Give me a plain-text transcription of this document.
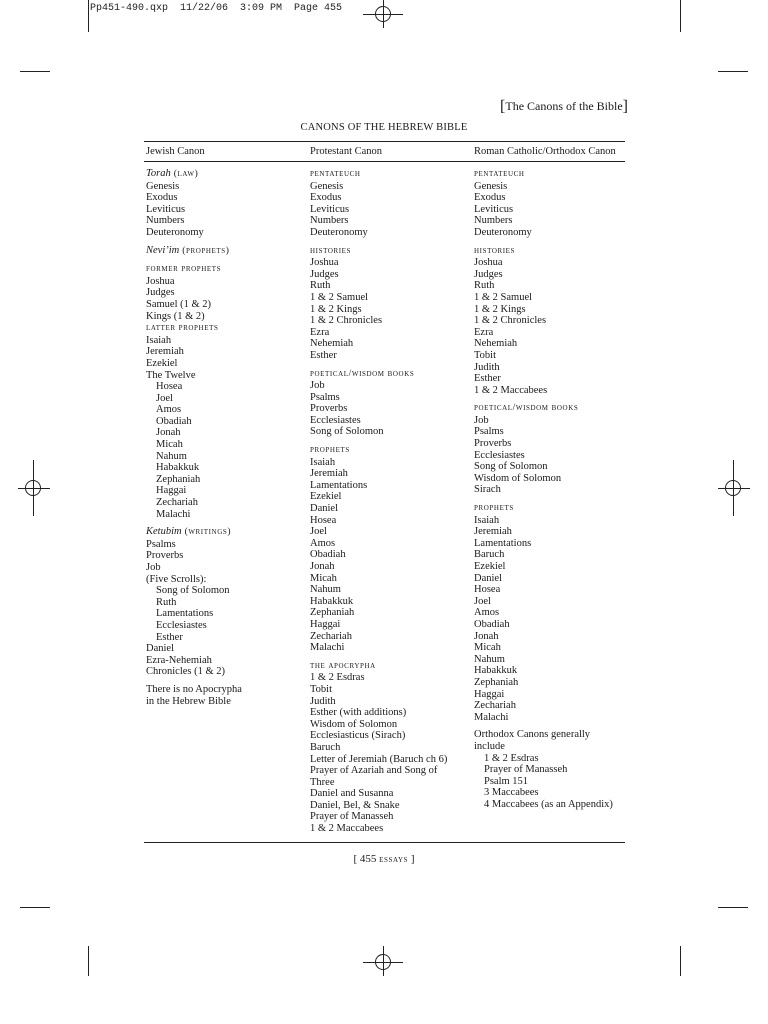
Pp451-490.qxp  11/22/06  3:09 PM  Page 455
[The Canons of the Bible]
CANONS OF THE HEBREW BIBLE
Jewish Canon	Protestant Canon	Roman Catholic/Orthodox Canon
Torah (law)
Genesis
Exodus
Leviticus
Numbers
Deuteronomy
Nevi’im (prophets)
former prophets
Joshua
Judges
Samuel (1 & 2)
Kings (1 & 2)
latter prophets
Isaiah
Jeremiah
Ezekiel
The Twelve
Hosea
Joel
Amos
Obadiah
Jonah
Micah
Nahum
Habakkuk
Zephaniah
Haggai
Zechariah
Malachi
Ketubim (writings)
Psalms
Proverbs
Job
(Five Scrolls):
Song of Solomon
Ruth
Lamentations
Ecclesiastes
Esther
Daniel
Ezra-Nehemiah
Chronicles (1 & 2)
There is no Apocrypha
in the Hebrew Bible
pentateuch
Genesis
Exodus
Leviticus
Numbers
Deuteronomy
histories
Joshua
Judges
Ruth
1 & 2 Samuel
1 & 2 Kings
1 & 2 Chronicles
Ezra
Nehemiah
Esther
poetical/wisdom books
Job
Psalms
Proverbs
Ecclesiastes
Song of Solomon
prophets
Isaiah
Jeremiah
Lamentations
Ezekiel
Daniel
Hosea
Joel
Amos
Obadiah
Jonah
Micah
Nahum
Habakkuk
Zephaniah
Haggai
Zechariah
Malachi
the apocrypha
1 & 2 Esdras
Tobit
Judith
Esther (with additions)
Wisdom of Solomon
Ecclesiasticus (Sirach)
Baruch
Letter of Jeremiah (Baruch ch 6)
Prayer of Azariah and Song of
Three
Daniel and Susanna
Daniel, Bel, & Snake
Prayer of Manasseh
1 & 2 Maccabees
pentateuch
Genesis
Exodus
Leviticus
Numbers
Deuteronomy
histories
Joshua
Judges
Ruth
1 & 2 Samuel
1 & 2 Kings
1 & 2 Chronicles
Ezra
Nehemiah
Tobit
Judith
Esther
1 & 2 Maccabees
poetical/wisdom books
Job
Psalms
Proverbs
Ecclesiastes
Song of Solomon
Wisdom of Solomon
Sirach
prophets
Isaiah
Jeremiah
Lamentations
Baruch
Ezekiel
Daniel
Hosea
Joel
Amos
Obadiah
Jonah
Micah
Nahum
Habakkuk
Zephaniah
Haggai
Zechariah
Malachi
Orthodox Canons generally
include
1 & 2 Esdras
Prayer of Manasseh
Psalm 151
3 Maccabees
4 Maccabees (as an Appendix)
[ 455 essays ]
